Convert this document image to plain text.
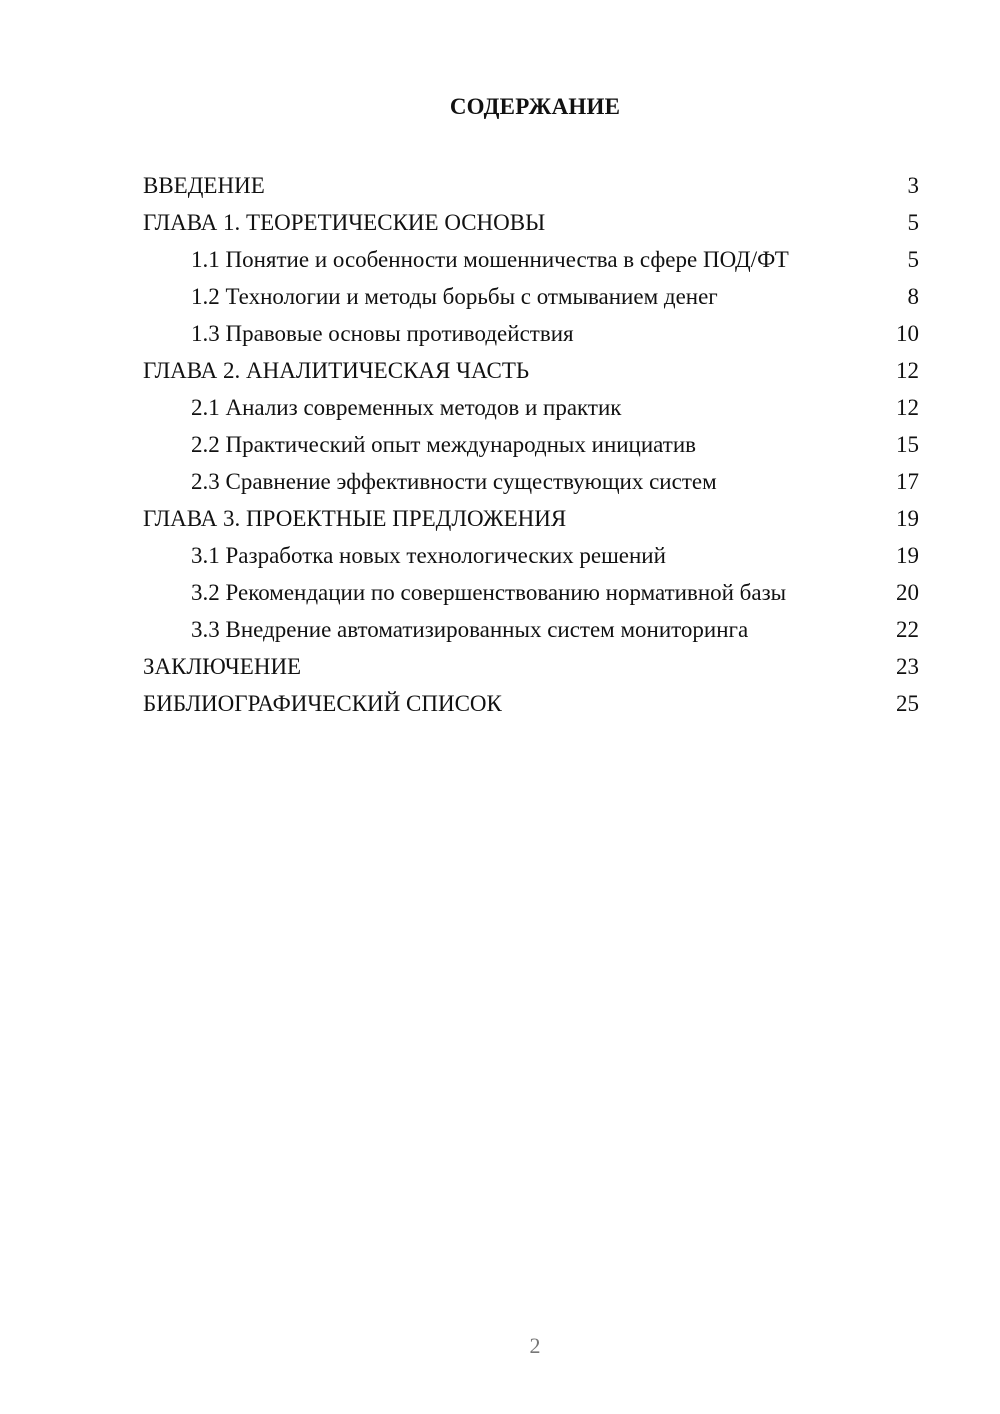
СОДЕРЖАНИЕ
ВВЕДЕНИЕ	3
ГЛАВА 1. ТЕОРЕТИЧЕСКИЕ ОСНОВЫ	5
1.1 Понятие и особенности мошенничества в сфере ПОД/ФТ	5
1.2 Технологии и методы борьбы с отмыванием денег	8
1.3 Правовые основы противодействия	10
ГЛАВА 2. АНАЛИТИЧЕСКАЯ ЧАСТЬ	12
2.1 Анализ современных методов и практик	12
2.2 Практический опыт международных инициатив	15
2.3 Сравнение эффективности существующих систем	17
ГЛАВА 3. ПРОЕКТНЫЕ ПРЕДЛОЖЕНИЯ	19
3.1 Разработка новых технологических решений	19
3.2 Рекомендации по совершенствованию нормативной базы	20
3.3 Внедрение автоматизированных систем мониторинга	22
ЗАКЛЮЧЕНИЕ	23
БИБЛИОГРАФИЧЕСКИЙ СПИСОК	25
2
